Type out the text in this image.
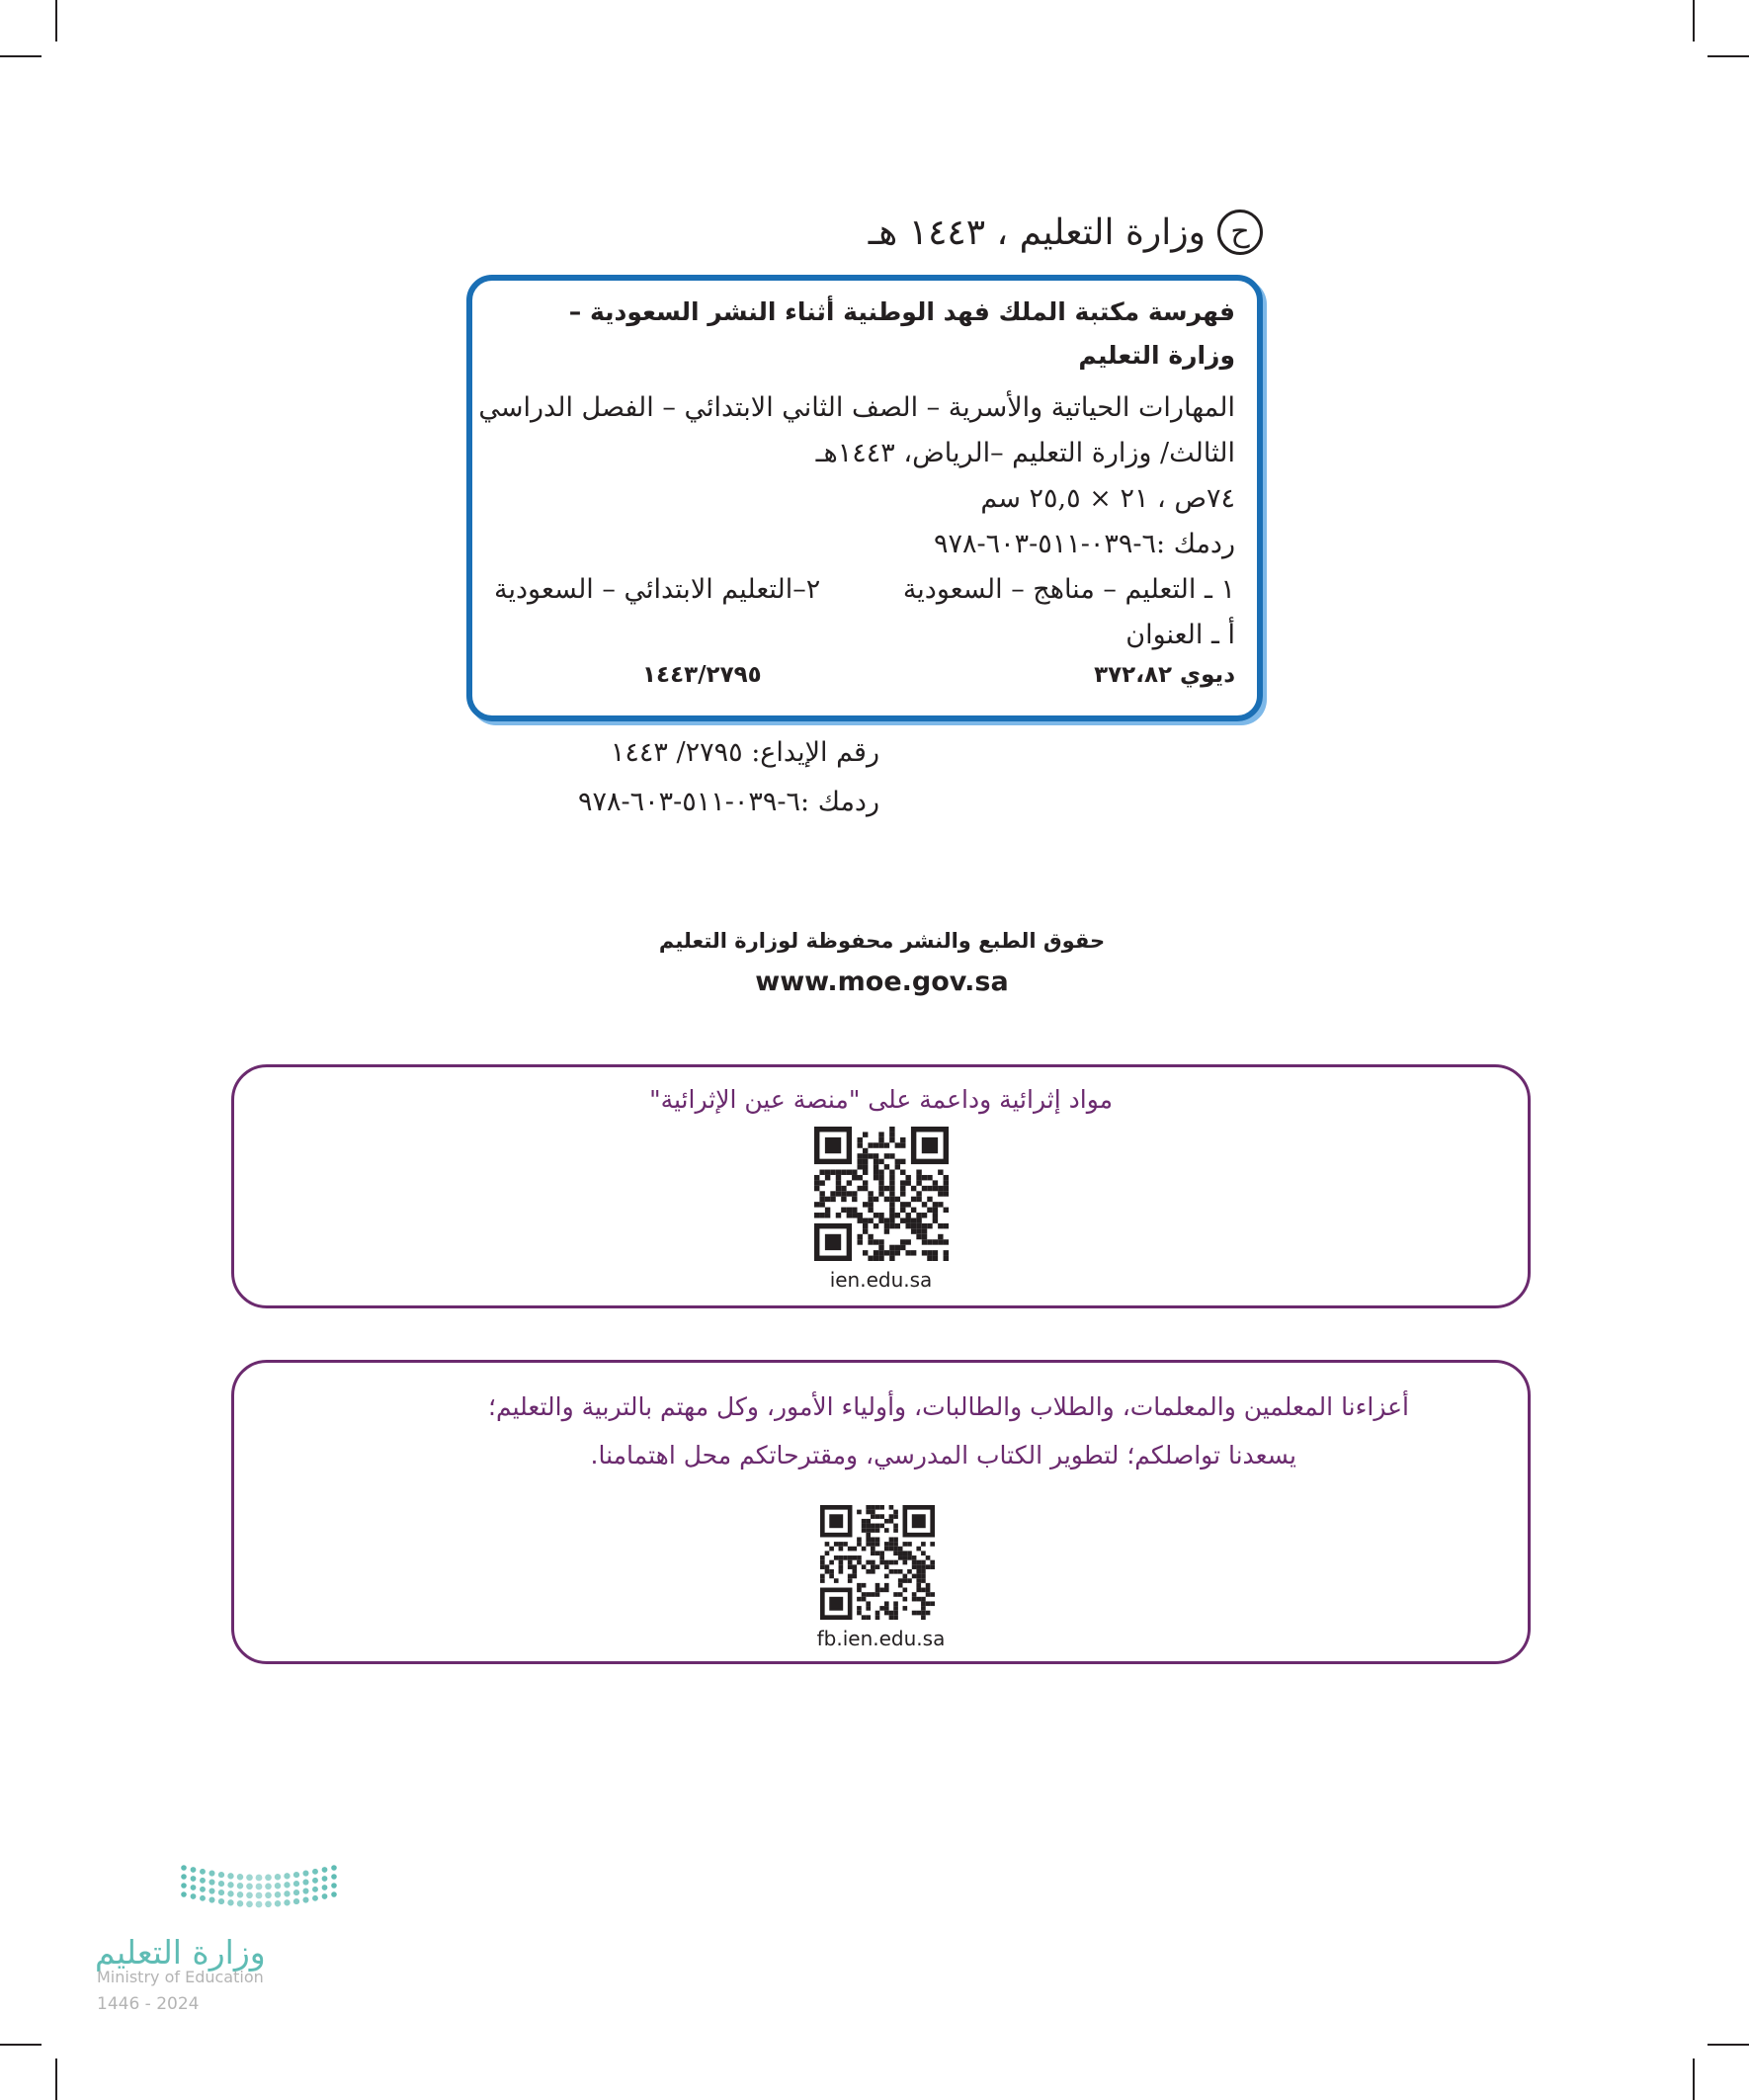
ح
وزارة التعليم ، ١٤٤٣ هـ
فهرسة مكتبة الملك فهد الوطنية أثناء النشر السعودية –
وزارة التعليم
المهارات الحياتية والأسرية – الصف الثاني الابتدائي – الفصل الدراسي
الثالث/ وزارة التعليم –الرياض، ١٤٤٣هـ
٧٤ص ، ٢١ × ٢٥,٥ سم
ردمك :٦-٠٣٩-٥١١-٦٠٣-٩٧٨
١ ـ التعليم – مناهج – السعودية
٢–التعليم الابتدائي – السعودية
أ ـ العنوان
ديوي ٣٧٢،٨٢
١٤٤٣/٢٧٩٥
رقم الإيداع: ٢٧٩٥/ ١٤٤٣
ردمك :٦-٠٣٩-٥١١-٦٠٣-٩٧٨
حقوق الطبع والنشر محفوظة لوزارة التعليم
www.moe.gov.sa
مواد إثرائية وداعمة على "منصة عين الإثرائية"
ien.edu.sa
أعزاءنا المعلمين والمعلمات، والطلاب والطالبات، وأولياء الأمور، وكل مهتم بالتربية والتعليم؛
يسعدنا تواصلكم؛ لتطوير الكتاب المدرسي، ومقترحاتكم محل اهتمامنا.
fb.ien.edu.sa
وزارة التعليم
Ministry of Education
2024 - 1446
